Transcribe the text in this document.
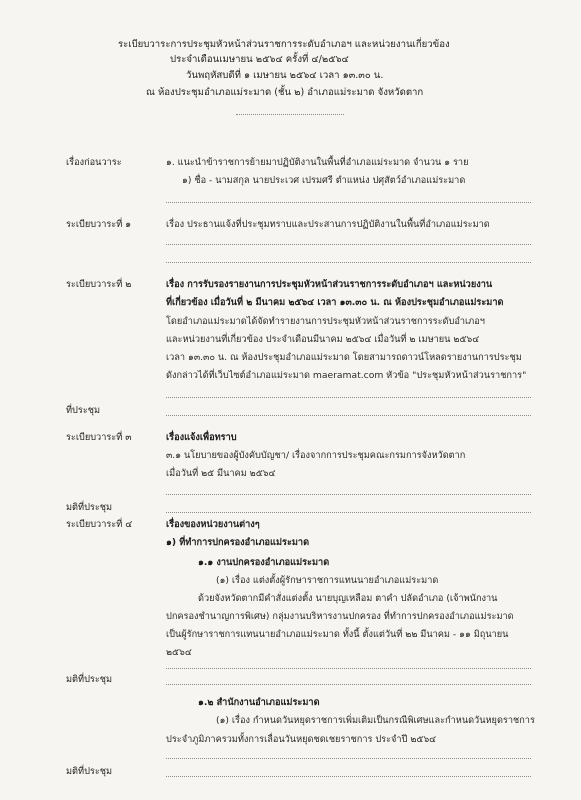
ระเบียบวาระการประชุมหัวหน้าส่วนราชการระดับอำเภอฯ และหน่วยงานเกี่ยวข้อง
ประจำเดือนเมษายน ๒๕๖๔ ครั้งที่ ๔/๒๕๖๔
วันพฤหัสบดีที่ ๑ เมษายน ๒๕๖๔ เวลา ๑๓.๓๐ น.
ณ ห้องประชุมอำเภอแม่ระมาด (ชั้น ๒) อำเภอแม่ระมาด จังหวัดตาก
เรื่องก่อนวาระ	๑. แนะนำข้าราชการย้ายมาปฏิบัติงานในพื้นที่อำเภอแม่ระมาด จำนวน ๑ ราย
๑) ชื่อ - นามสกุล นายประเวศ เปรมศรี ตำแหน่ง ปศุสัตว์อำเภอแม่ระมาด
ระเบียบวาระที่ ๑	เรื่อง ประธานแจ้งที่ประชุมทราบและประสานการปฏิบัติงานในพื้นที่อำเภอแม่ระมาด
ระเบียบวาระที่ ๒	เรื่อง การรับรองรายงานการประชุมหัวหน้าส่วนราชการระดับอำเภอฯ และหน่วยงาน
ที่เกี่ยวข้อง เมื่อวันที่ ๒ มีนาคม ๒๕๖๔ เวลา ๑๓.๓๐ น. ณ ห้องประชุมอำเภอแม่ระมาด
โดยอำเภอแม่ระมาดได้จัดทำรายงานการประชุมหัวหน้าส่วนราชการระดับอำเภอฯ
และหน่วยงานที่เกี่ยวข้อง ประจำเดือนมีนาคม ๒๕๖๔ เมื่อวันที่ ๒ เมษายน ๒๕๖๔
เวลา ๑๓.๓๐ น. ณ ห้องประชุมอำเภอแม่ระมาด โดยสามารถดาวน์โหลดรายงานการประชุม
ดังกล่าวได้ที่เว็บไซต์อำเภอแม่ระมาด maeramat.com หัวข้อ "ประชุมหัวหน้าส่วนราชการ"
ที่ประชุม
ระเบียบวาระที่ ๓	เรื่องแจ้งเพื่อทราบ
๓.๑ นโยบายของผู้บังคับบัญชา/ เรื่องจากการประชุมคณะกรมการจังหวัดตาก
เมื่อวันที่ ๒๕ มีนาคม ๒๕๖๔
มติที่ประชุม
ระเบียบวาระที่ ๔	เรื่องของหน่วยงานต่างๆ
๑) ที่ทำการปกครองอำเภอแม่ระมาด
๑.๑ งานปกครองอำเภอแม่ระมาด
(๑) เรื่อง แต่งตั้งผู้รักษาราชการแทนนายอำเภอแม่ระมาด
ด้วยจังหวัดตากมีคำสั่งแต่งตั้ง นายบุญเหลือม ตาคำ ปลัดอำเภอ (เจ้าพนักงาน
ปกครองชำนาญการพิเศษ) กลุ่มงานบริหารงานปกครอง ที่ทำการปกครองอำเภอแม่ระมาด
เป็นผู้รักษาราชการแทนนายอำเภอแม่ระมาด ทั้งนี้ ตั้งแต่วันที่ ๒๒ มีนาคม - ๑๑ มิถุนายน
๒๕๖๔
มติที่ประชุม
๑.๒ สำนักงานอำเภอแม่ระมาด
(๑) เรื่อง กำหนดวันหยุดราชการเพิ่มเติมเป็นกรณีพิเศษและกำหนดวันหยุดราชการ
ประจำภูมิภาครวมทั้งการเลื่อนวันหยุดชดเชยราชการ ประจำปี ๒๕๖๔
มติที่ประชุม
